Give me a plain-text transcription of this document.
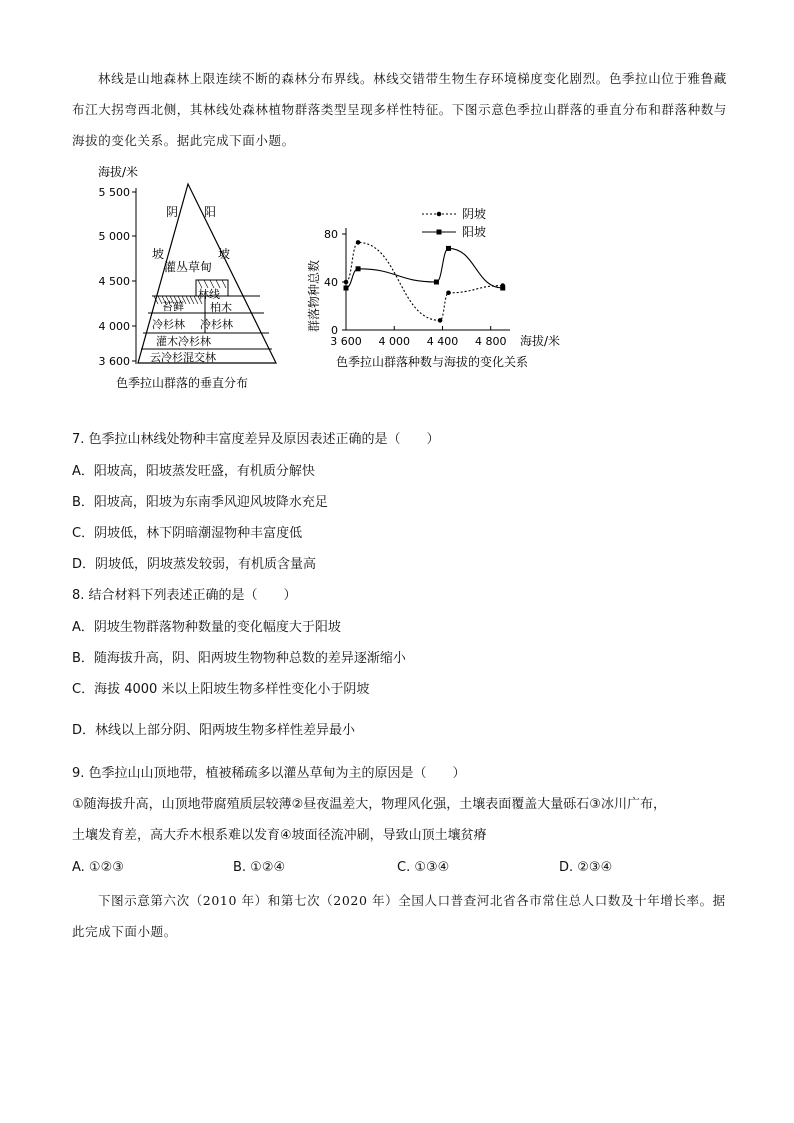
林线是山地森林上限连续不断的森林分布界线。林线交错带生物生存环境梯度变化剧烈。色季拉山位于雅鲁藏布江大拐弯西北侧，其林线处森林植物群落类型呈现多样性特征。下图示意色季拉山群落的垂直分布和群落种数与海拔的变化关系。据此完成下面小题。
海拔/米
5 500
5 000
4 500
4 000
3 600
阴 阳
坡	坡
灌丛草甸
林线
苔藓
冷杉林
柏木
冷杉林
灌木冷杉林
云冷杉混交林
色季拉山群落的垂直分布
阴坡
阳坡
群落物种总数 0
40
80
3 600 4 000 4 400 4 800 海拔/米
色季拉山群落种数与海拔的变化关系
7. 色季拉山林线处物种丰富度差异及原因表述正确的是（　　）
A．阳坡高，阳坡蒸发旺盛，有机质分解快
B．阳坡高，阳坡为东南季风迎风坡降水充足
C．阴坡低，林下阴暗潮湿物种丰富度低
D．阴坡低，阴坡蒸发较弱，有机质含量高
8. 结合材料下列表述正确的是（　　）
A．阴坡生物群落物种数量的变化幅度大于阳坡
B．随海拔升高，阴、阳两坡生物物种总数的差异逐渐缩小
C．海拔 4000 米以上阳坡生物多样性变化小于阴坡
D．林线以上部分阴、阳两坡生物多样性差异最小
9. 色季拉山山顶地带，植被稀疏多以灌丛草甸为主的原因是（　　）
①随海拔升高，山顶地带腐殖质层较薄②昼夜温差大，物理风化强，土壤表面覆盖大量砾石③冰川广布，
土壤发育差，高大乔木根系难以发育④坡面径流冲刷，导致山顶土壤贫瘠
A. ①②③	B. ①②④	C. ①③④	D. ②③④
下图示意第六次（2010 年）和第七次（2020 年）全国人口普查河北省各市常住总人口数及十年增长率。据此完成下面小题。
